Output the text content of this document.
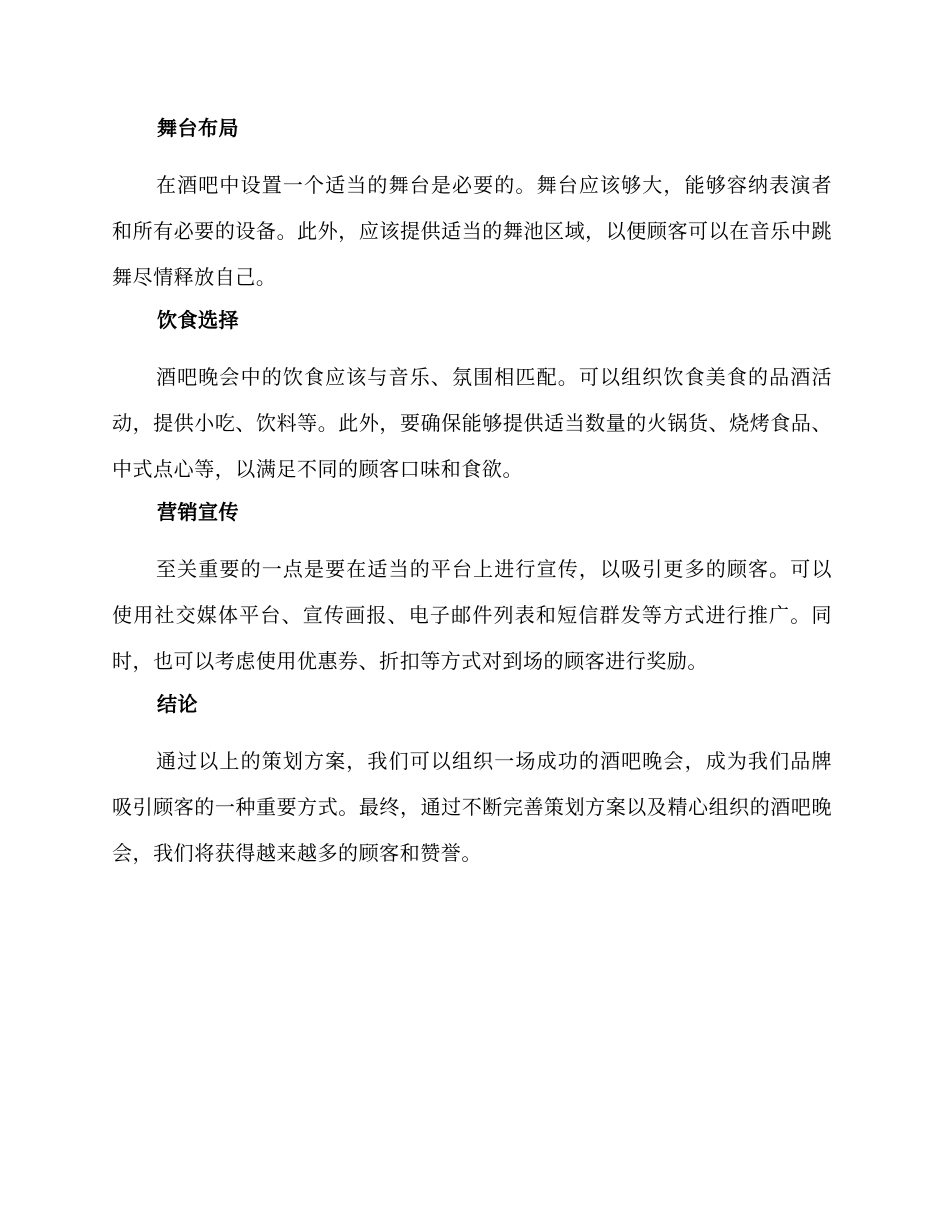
舞台布局

在酒吧中设置一个适当的舞台是必要的。舞台应该够大，能够容纳表演者和所有必要的设备。此外，应该提供适当的舞池区域，以便顾客可以在音乐中跳舞尽情释放自己。

饮食选择

酒吧晚会中的饮食应该与音乐、氛围相匹配。可以组织饮食美食的品酒活动，提供小吃、饮料等。此外，要确保能够提供适当数量的火锅货、烧烤食品、中式点心等，以满足不同的顾客口味和食欲。

营销宣传

至关重要的一点是要在适当的平台上进行宣传，以吸引更多的顾客。可以使用社交媒体平台、宣传画报、电子邮件列表和短信群发等方式进行推广。同时，也可以考虑使用优惠券、折扣等方式对到场的顾客进行奖励。

结论

通过以上的策划方案，我们可以组织一场成功的酒吧晚会，成为我们品牌吸引顾客的一种重要方式。最终，通过不断完善策划方案以及精心组织的酒吧晚会，我们将获得越来越多的顾客和赞誉。
